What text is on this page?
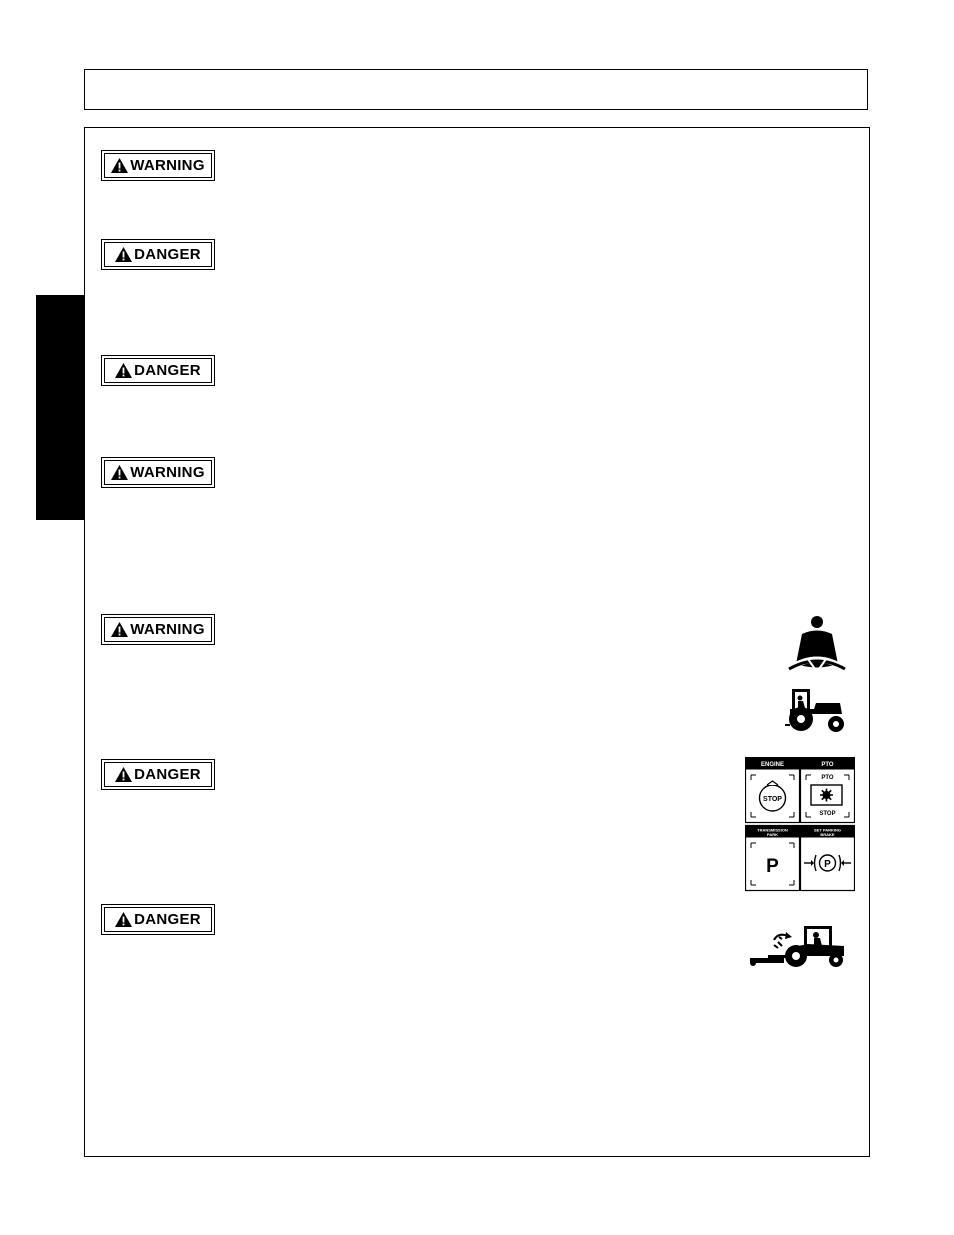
WARNING
DANGER
DANGER
WARNING
WARNING
DANGER
DANGER
ENGINE
STOP
PTO
PTO
STOP
TRANSMISSION
PARK
P
SET PARKING
BRAKE
P
